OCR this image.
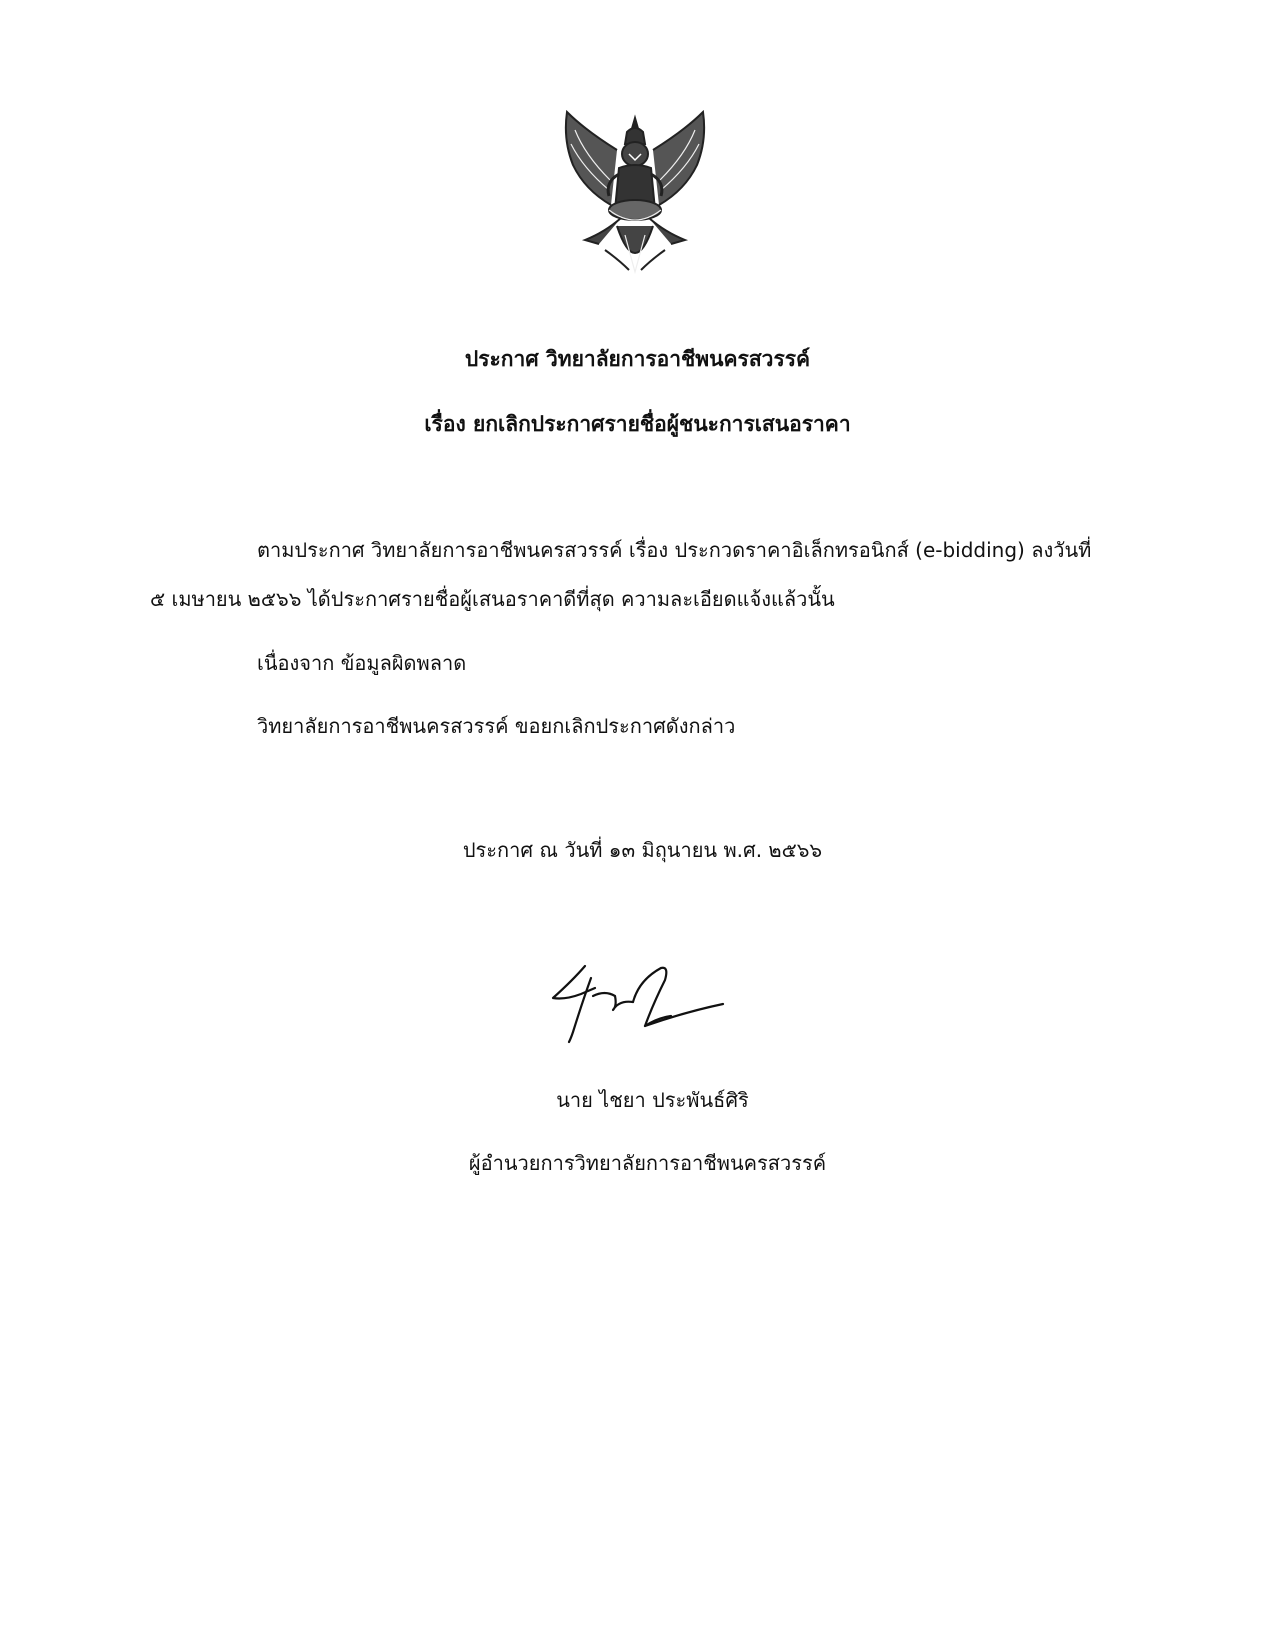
ประกาศ วิทยาลัยการอาชีพนครสวรรค์
เรื่อง ยกเลิกประกาศรายชื่อผู้ชนะการเสนอราคา
ตามประกาศ วิทยาลัยการอาชีพนครสวรรค์ เรื่อง ประกวดราคาอิเล็กทรอนิกส์ (e-bidding) ลงวันที่
๕ เมษายน ๒๕๖๖ ได้ประกาศรายชื่อผู้เสนอราคาดีที่สุด ความละเอียดแจ้งแล้วนั้น
เนื่องจาก ข้อมูลผิดพลาด
วิทยาลัยการอาชีพนครสวรรค์ ขอยกเลิกประกาศดังกล่าว
ประกาศ ณ วันที่ ๑๓ มิถุนายน พ.ศ. ๒๕๖๖
นาย ไชยา ประพันธ์ศิริ
ผู้อำนวยการวิทยาลัยการอาชีพนครสวรรค์
